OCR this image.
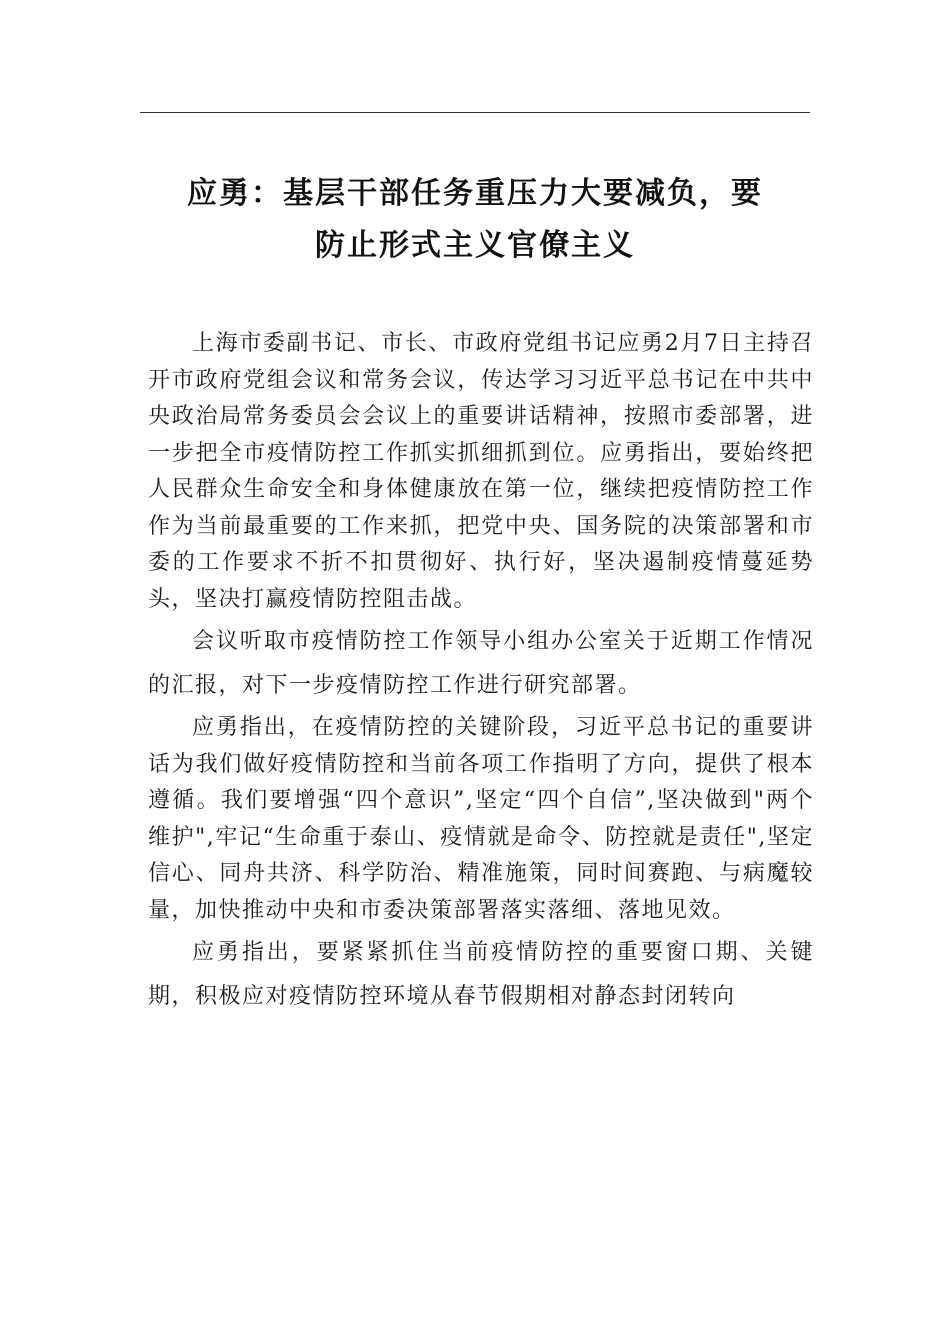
应勇：基层干部任务重压力大要减负，要
防止形式主义官僚主义

上海市委副书记、市长、市政府党组书记应勇2月7日主持召开市政府党组会议和常务会议，传达学习习近平总书记在中共中央政治局常务委员会会议上的重要讲话精神，按照市委部署，进一步把全市疫情防控工作抓实抓细抓到位。应勇指出，要始终把人民群众生命安全和身体健康放在第一位，继续把疫情防控工作作为当前最重要的工作来抓，把党中央、国务院的决策部署和市委的工作要求不折不扣贯彻好、执行好，坚决遏制疫情蔓延势头，坚决打赢疫情防控阻击战。

会议听取市疫情防控工作领导小组办公室关于近期工作情况的汇报，对下一步疫情防控工作进行研究部署。

应勇指出，在疫情防控的关键阶段，习近平总书记的重要讲话为我们做好疫情防控和当前各项工作指明了方向，提供了根本遵循。我们要增强“四个意识”,坚定“四个自信”,坚决做到"两个维护",牢记“生命重于泰山、疫情就是命令、防控就是责任",坚定信心、同舟共济、科学防治、精准施策，同时间赛跑、与病魔较量，加快推动中央和市委决策部署落实落细、落地见效。

应勇指出，要紧紧抓住当前疫情防控的重要窗口期、关键期，积极应对疫情防控环境从春节假期相对静态封闭转向
